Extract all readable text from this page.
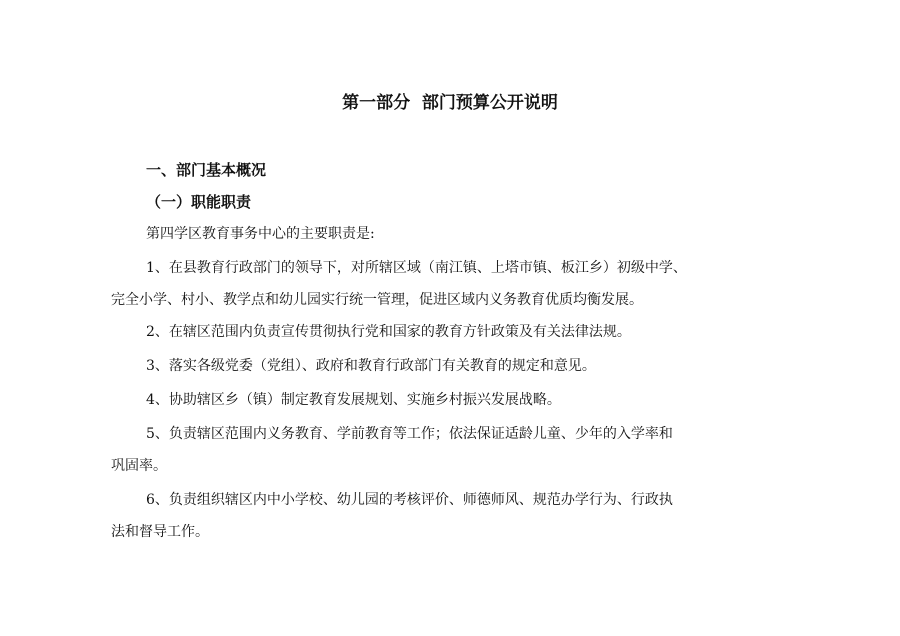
第一部分  部门预算公开说明
一、部门基本概况
（一）职能职责
第四学区教育事务中心的主要职责是:
1、在县教育行政部门的领导下，对所辖区域（南江镇、上塔市镇、板江乡）初级中学、
完全小学、村小、教学点和幼儿园实行统一管理，促进区域内义务教育优质均衡发展。
2、在辖区范围内负责宣传贯彻执行党和国家的教育方针政策及有关法律法规。
3、落实各级党委（党组）、政府和教育行政部门有关教育的规定和意见。
4、协助辖区乡（镇）制定教育发展规划、实施乡村振兴发展战略。
5、负责辖区范围内义务教育、学前教育等工作；依法保证适龄儿童、少年的入学率和
巩固率。
6、负责组织辖区内中小学校、幼儿园的考核评价、师德师风、规范办学行为、行政执
法和督导工作。
